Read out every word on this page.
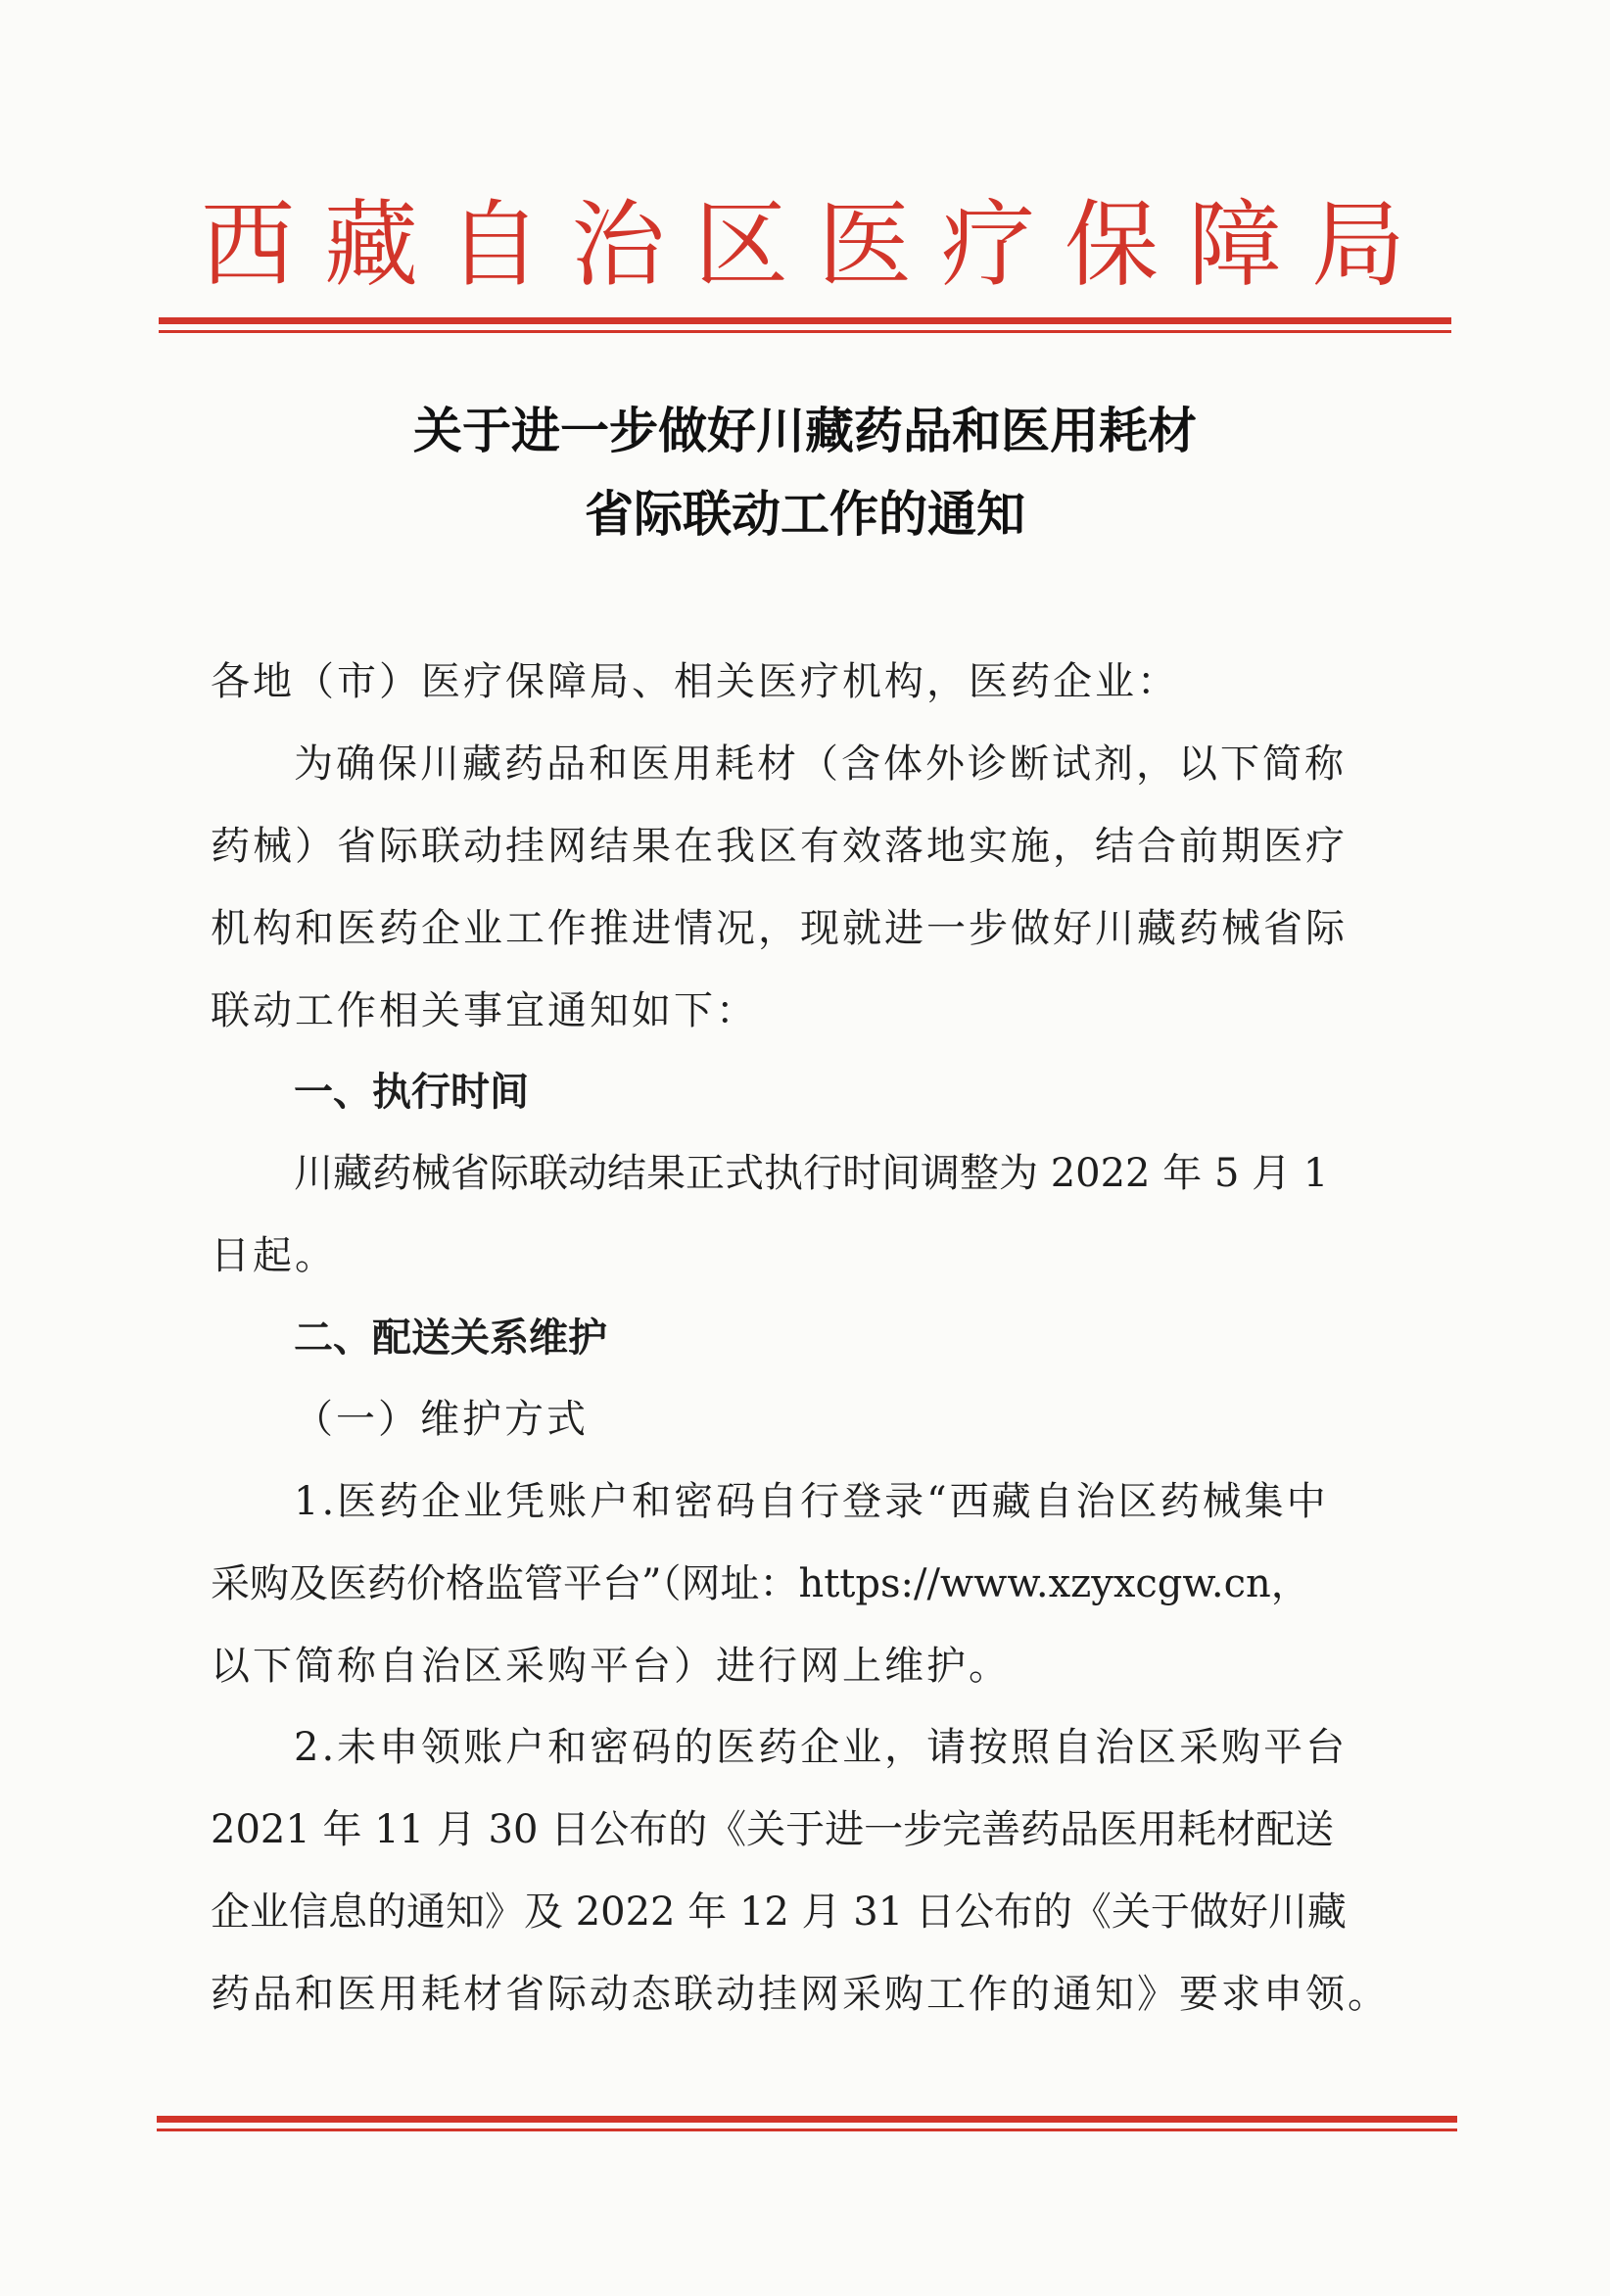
西 藏 自 治 区 医 疗 保 障 局
关于进一步做好川藏药品和医用耗材
省际联动工作的通知
各地（市）医疗保障局、相关医疗机构，医药企业：
为确保川藏药品和医用耗材（含体外诊断试剂，以下简称
药械）省际联动挂网结果在我区有效落地实施，结合前期医疗
机构和医药企业工作推进情况，现就进一步做好川藏药械省际
联动工作相关事宜通知如下：
一、执行时间
川藏药械省际联动结果正式执行时间调整为 2022 年 5 月 1
日起。
二、配送关系维护
（一）维护方式
1.医药企业凭账户和密码自行登录“西藏自治区药械集中
采购及医药价格监管平台”（网址：https://www.xzyxcgw.cn，
以下简称自治区采购平台）进行网上维护。
2.未申领账户和密码的医药企业，请按照自治区采购平台
2021 年 11 月 30 日公布的《关于进一步完善药品医用耗材配送
企业信息的通知》及 2022 年 12 月 31 日公布的《关于做好川藏
药品和医用耗材省际动态联动挂网采购工作的通知》要求申领。
